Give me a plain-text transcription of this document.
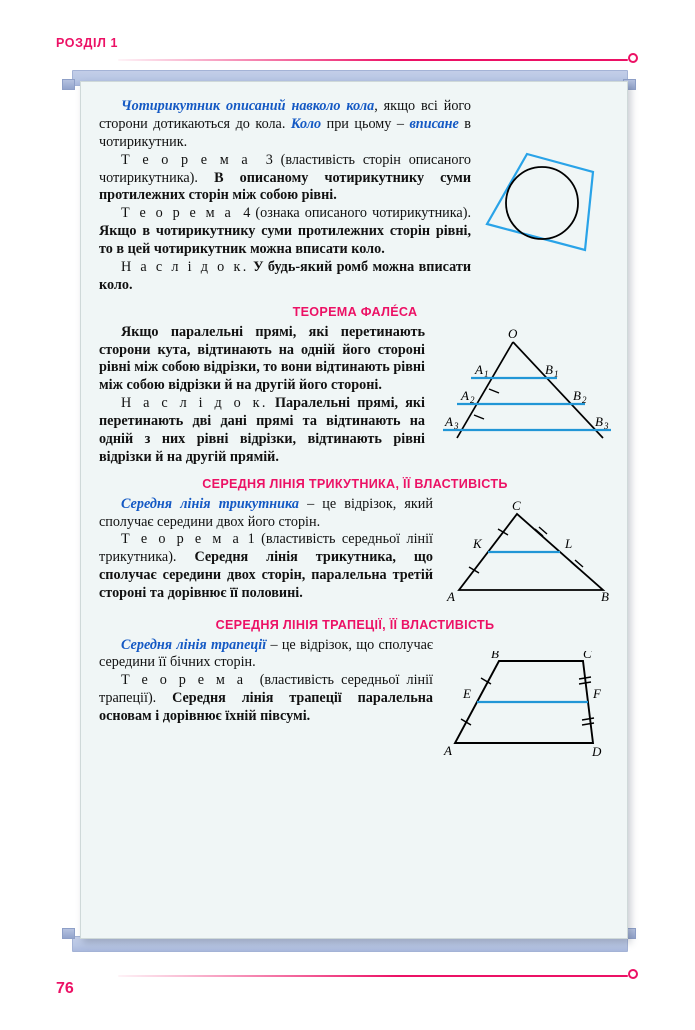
РОЗДІЛ 1

Чотирикутник описаний навколо кола, якщо всі його сторони дотикаються до кола. Коло при цьому – вписане в чотирикутник.

Т е о р е м а 3 (властивість сторін описаного чотирикутника). В описаному чотирикутнику суми протилежних сторін між собою рівні.

Т е о р е м а 4 (ознака описаного чотирикутника). Якщо в чотирикутнику суми протилежних сторін рівні, то в цей чотирикутник можна вписати коло.

Н а с л і д о к. У будь-який ромб можна вписати коло.

ТЕОРЕМА ФАЛÉСА
O
A 1
A 2
A 3
B 1
B 2
B 3

Якщо паралельні прямі, які перетинають сторони кута, відтинають на одній його стороні рівні між собою відрізки, то вони відтинають рівні між собою відрізки й на другій його стороні.

Н а с л і д о к. Паралельні прямі, які перетинають дві дані прямі та відтинають на одній з них рівні відрізки, відтинають рівні відрізки й на другій прямій.

СЕРЕДНЯ ЛІНІЯ ТРИКУТНИКА, ЇЇ ВЛАСТИВІСТЬ
A	B
C
K	L

Середня лінія трикутника – це відрізок, який сполучає середини двох його сторін.

Т е о р е м а 1 (властивість середньої лінії трикутника). Середня лінія трикутника, що сполучає середини двох сторін, паралельна третій стороні та дорівнює її половині.

СЕРЕДНЯ ЛІНІЯ ТРАПЕЦІЇ, ЇЇ ВЛАСТИВІСТЬ
A
B	C
D
E	F

Середня лінія трапеції – це відрізок, що сполучає середини її бічних сторін.

Т е о р е м а (властивість середньої лінії трапеції). Середня лінія трапеції паралельна основам і дорівнює їхній півсумі.

76
